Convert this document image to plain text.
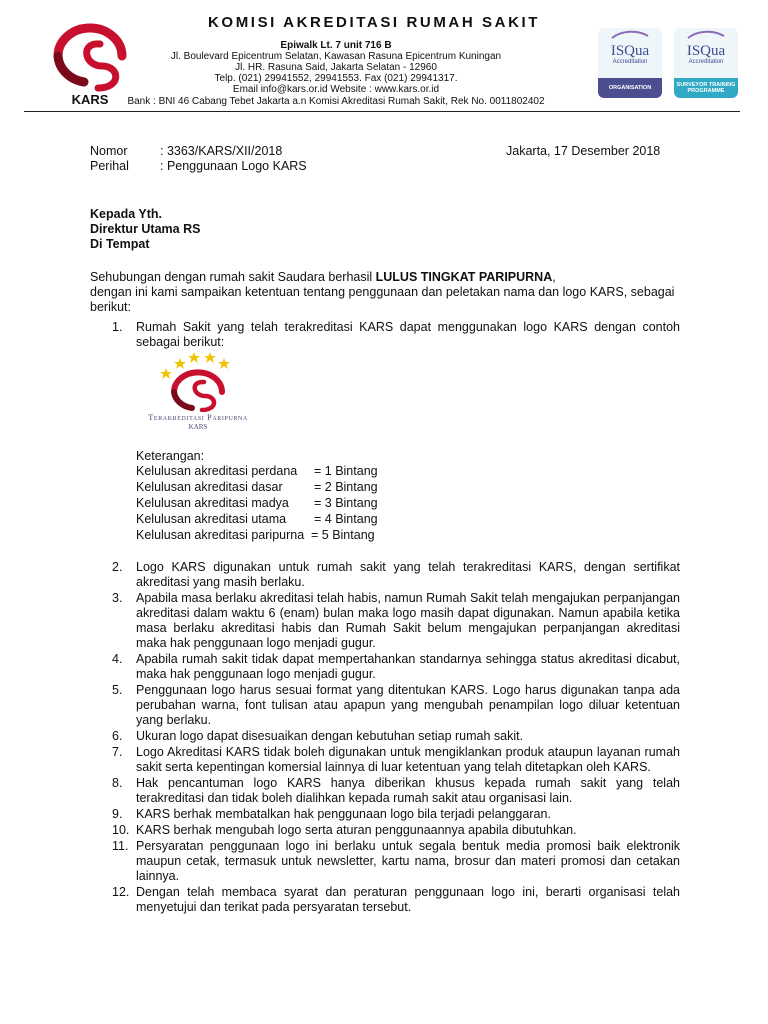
KARS
KOMISI AKREDITASI RUMAH SAKIT
Epiwalk Lt. 7 unit 716 B
Jl. Boulevard Epicentrum Selatan, Kawasan Rasuna Epicentrum Kuningan
Jl. HR. Rasuna Said, Jakarta Selatan - 12960
Telp. (021) 29941552, 29941553. Fax (021) 29941317.
Email info@kars.or.id Website : www.kars.or.id
Bank : BNI 46 Cabang Tebet Jakarta a.n Komisi Akreditasi Rumah Sakit, Rek No. 0011802402
ISQua
Accreditation
ORGANISATION
ISQua
Accreditation
SURVEYOR TRAINING PROGRAMME
Nomor	: 3363/KARS/XII/2018	Jakarta, 17 Desember 2018
Perihal : Penggunaan Logo KARS
Kepada Yth.
Direktur Utama RS
Di Tempat
Sehubungan dengan rumah sakit Saudara berhasil LULUS TINGKAT PARIPURNA,
dengan ini kami sampaikan ketentuan tentang penggunaan dan peletakan nama dan logo KARS, sebagai berikut:
1. Rumah Sakit yang telah terakreditasi KARS dapat menggunakan logo KARS dengan contoh sebagai berikut:
Terakreditasi Paripurna
KARS
Keterangan:
Kelulusan akreditasi perdana = 1 Bintang
Kelulusan akreditasi dasar	= 2 Bintang
Kelulusan akreditasi madya = 3 Bintang
Kelulusan akreditasi utama = 4 Bintang
Kelulusan akreditasi paripurna = 5 Bintang
2. Logo KARS digunakan untuk rumah sakit yang telah terakreditasi KARS, dengan sertifikat akreditasi yang masih berlaku.
3. Apabila masa berlaku akreditasi telah habis, namun Rumah Sakit telah mengajukan perpanjangan akreditasi dalam waktu 6 (enam) bulan maka logo masih dapat digunakan. Namun apabila ketika masa berlaku akreditasi habis dan Rumah Sakit belum mengajukan perpanjangan akreditasi maka hak penggunaan logo menjadi gugur.
4. Apabila rumah sakit tidak dapat mempertahankan standarnya sehingga status akreditasi dicabut, maka hak penggunaan logo menjadi gugur.
5. Penggunaan logo harus sesuai format yang ditentukan KARS. Logo harus digunakan tanpa ada perubahan warna, font tulisan atau apapun yang mengubah penampilan logo diluar ketentuan yang berlaku.
6. Ukuran logo dapat disesuaikan dengan kebutuhan setiap rumah sakit.
7. Logo Akreditasi KARS tidak boleh digunakan untuk mengiklankan produk ataupun layanan rumah sakit serta kepentingan komersial lainnya di luar ketentuan yang telah ditetapkan oleh KARS.
8. Hak pencantuman logo KARS hanya diberikan khusus kepada rumah sakit yang telah terakreditasi dan tidak boleh dialihkan kepada rumah sakit atau organisasi lain.
9. KARS berhak membatalkan hak penggunaan logo bila terjadi pelanggaran.
10. KARS berhak mengubah logo serta aturan penggunaannya apabila dibutuhkan.
11. Persyaratan penggunaan logo ini berlaku untuk segala bentuk media promosi baik elektronik maupun cetak, termasuk untuk newsletter, kartu nama, brosur dan materi promosi dan cetakan lainnya.
12. Dengan telah membaca syarat dan peraturan penggunaan logo ini, berarti organisasi telah menyetujui dan terikat pada persyaratan tersebut.
